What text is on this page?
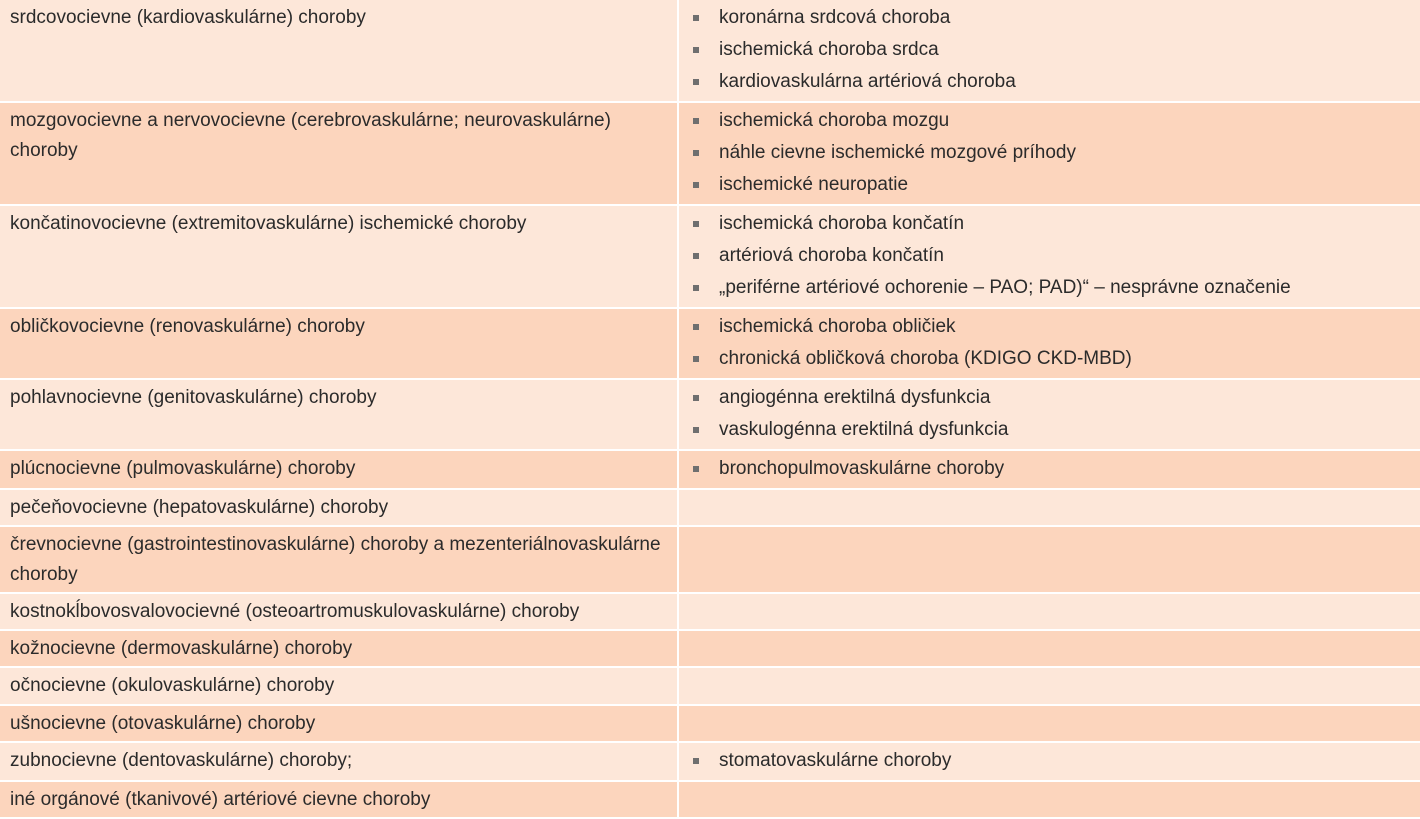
srdcovocievne (kardiovaskulárne) choroby	koronárna srdcová choroba
ischemická choroba srdca
kardiovaskulárna artériová choroba

mozgovocievne a nervovocievne (cerebrovaskulárne; neurovaskulárne) choroby	ischemická choroba mozgu
náhle cievne ischemické mozgové príhody
ischemické neuropatie

končatinovocievne (extremitovaskulárne) ischemické choroby	ischemická choroba končatín
artériová choroba končatín
„periférne artériové ochorenie – PAO; PAD)“ – nesprávne označenie

obličkovocievne (renovaskulárne) choroby	ischemická choroba obličiek
chronická obličková choroba (KDIGO CKD-MBD)

pohlavnocievne (genitovaskulárne) choroby	angiogénna erektilná dysfunkcia
vaskulogénna erektilná dysfunkcia

plúcnocievne (pulmovaskulárne) choroby	bronchopulmovaskulárne choroby

pečeňovocievne (hepatovaskulárne) choroby	

črevnocievne (gastrointestinovaskulárne) choroby a mezenteriálnovaskulárne choroby	

kostnokĺbovosvalovocievné (osteoartromuskulovaskulárne) choroby	

kožnocievne (dermovaskulárne) choroby	

očnocievne (okulovaskulárne) choroby	

ušnocievne (otovaskulárne) choroby	

zubnocievne (dentovaskulárne) choroby;	stomatovaskulárne choroby

iné orgánové (tkanivové) artériové cievne choroby	
